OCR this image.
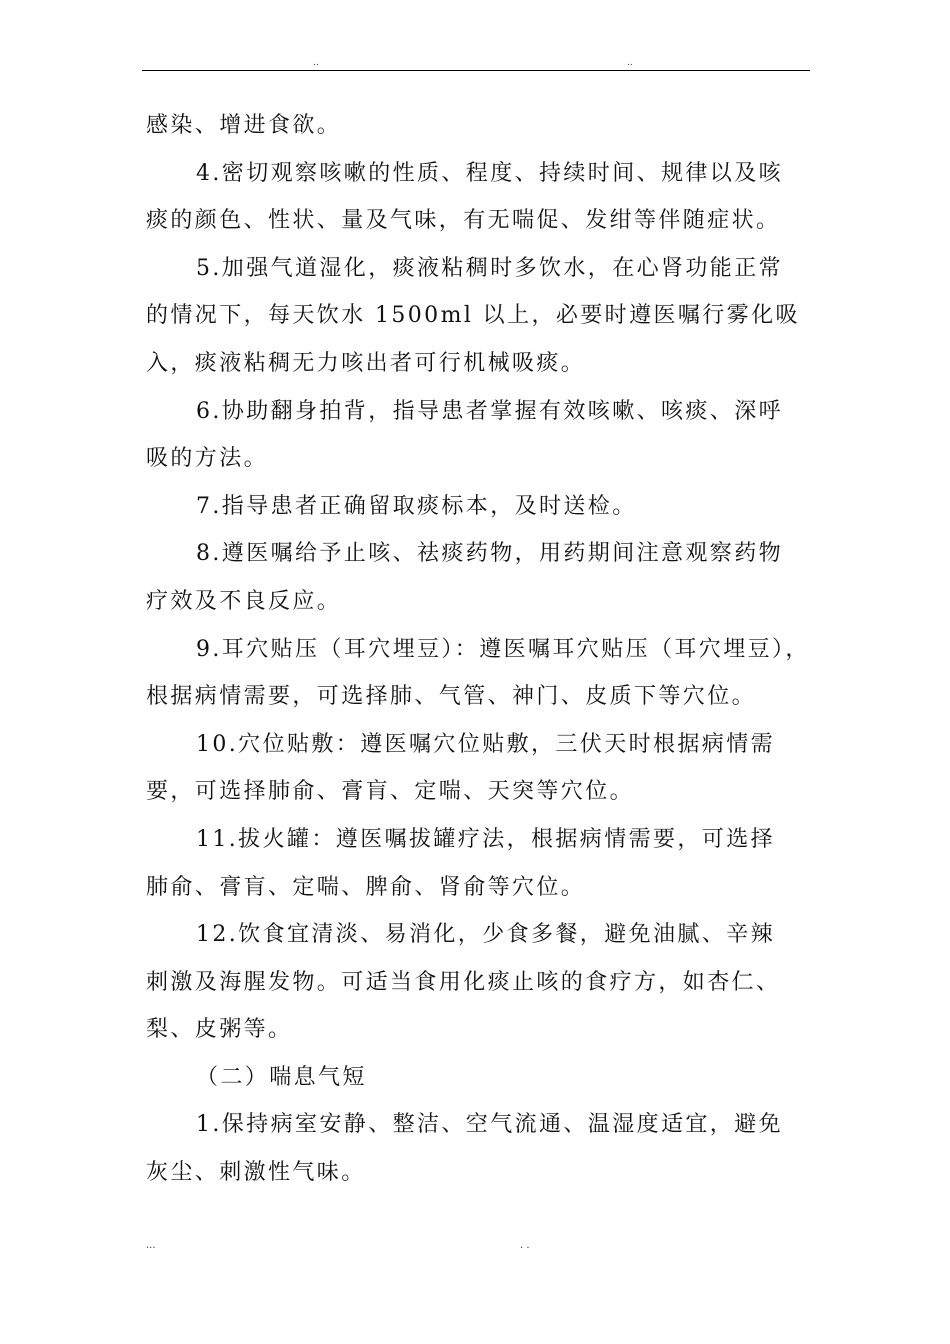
..	..
感染、增进食欲。
4.密切观察咳嗽的性质、程度、持续时间、规律以及咳
痰的颜色、性状、量及气味，有无喘促、发绀等伴随症状。
5.加强气道湿化，痰液粘稠时多饮水，在心肾功能正常
的情况下，每天饮水 1500ml 以上，必要时遵医嘱行雾化吸
入，痰液粘稠无力咳出者可行机械吸痰。
6.协助翻身拍背，指导患者掌握有效咳嗽、咳痰、深呼
吸的方法。
7.指导患者正确留取痰标本，及时送检。
8.遵医嘱给予止咳、祛痰药物，用药期间注意观察药物
疗效及不良反应。
9.耳穴贴压（耳穴埋豆）：遵医嘱耳穴贴压（耳穴埋豆），
根据病情需要，可选择肺、气管、神门、皮质下等穴位。
10.穴位贴敷：遵医嘱穴位贴敷，三伏天时根据病情需
要，可选择肺俞、膏肓、定喘、天突等穴位。
11.拔火罐：遵医嘱拔罐疗法，根据病情需要，可选择
肺俞、膏肓、定喘、脾俞、肾俞等穴位。
12.饮食宜清淡、易消化，少食多餐，避免油腻、辛辣
刺激及海腥发物。可适当食用化痰止咳的食疗方，如杏仁、
梨、皮粥等。
（二）喘息气短
1.保持病室安静、整洁、空气流通、温湿度适宜，避免
灰尘、刺激性气味。
...	. .
